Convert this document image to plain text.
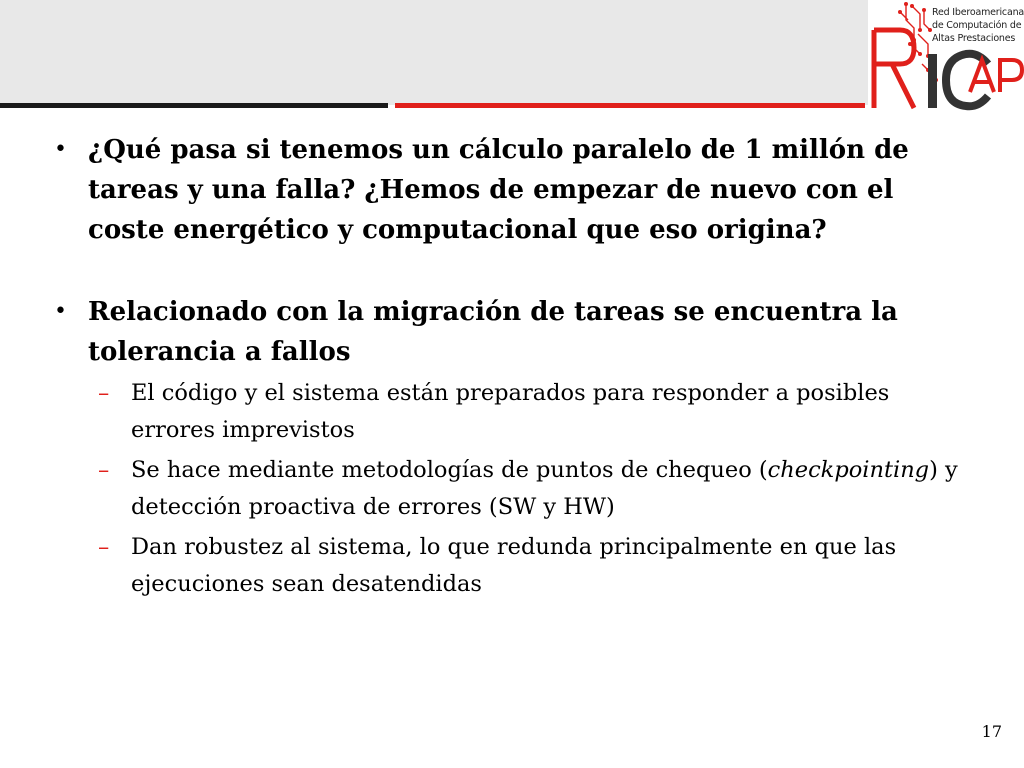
Red Iberoamericana
de Computación de
Altas Prestaciones
• ¿Qué pasa si tenemos un cálculo paralelo de 1 millón de tareas y una falla? ¿Hemos de empezar de nuevo con el coste energético y computacional que eso origina?
• Relacionado con la migración de tareas se encuentra la tolerancia a fallos
– El código y el sistema están preparados para responder a posibles errores imprevistos
– Se hace mediante metodologías de puntos de chequeo (checkpointing) y detección proactiva de errores (SW y HW)
– Dan robustez al sistema, lo que redunda principalmente en que las ejecuciones sean desatendidas
17
